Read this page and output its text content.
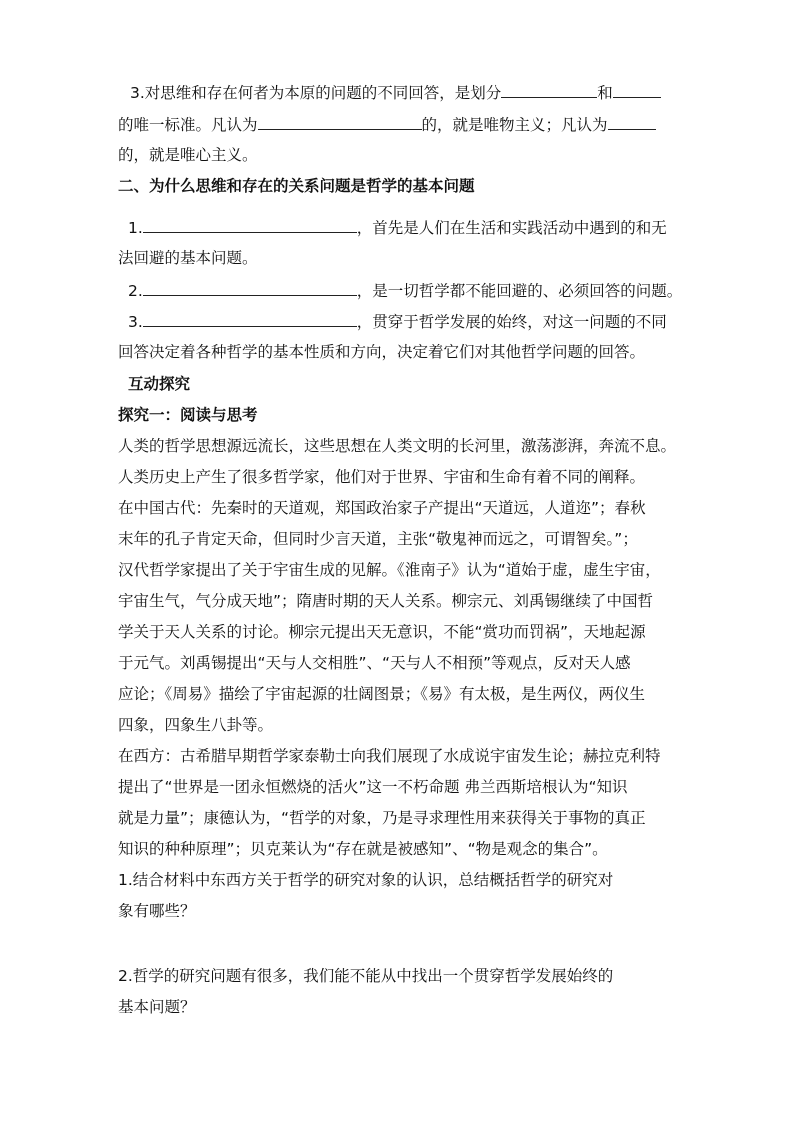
3.对思维和存在何者为本原的问题的不同回答，是划分	和
的唯一标准。凡认为	的，就是唯物主义；凡认为
的，就是唯心主义。
二、为什么思维和存在的关系问题是哲学的基本问题
1.	，首先是人们在生活和实践活动中遇到的和无
法回避的基本问题。
2.	，是一切哲学都不能回避的、必须回答的问题。
3.	，贯穿于哲学发展的始终，对这一问题的不同
回答决定着各种哲学的基本性质和方向，决定着它们对其他哲学问题的回答。
互动探究
探究一：阅读与思考
人类的哲学思想源远流长，这些思想在人类文明的长河里，激荡澎湃，奔流不息。
人类历史上产生了很多哲学家，他们对于世界、宇宙和生命有着不同的阐释。
在中国古代：先秦时的天道观，郑国政治家子产提出“天道远，人道迩”；春秋
末年的孔子肯定天命，但同时少言天道，主张“敬鬼神而远之，可谓智矣。”；
汉代哲学家提出了关于宇宙生成的见解。《淮南子》认为“道始于虚，虚生宇宙，
宇宙生气，气分成天地”；隋唐时期的天人关系。柳宗元、刘禹锡继续了中国哲
学关于天人关系的讨论。柳宗元提出天无意识，不能“赏功而罚祸”，天地起源
于元气。刘禹锡提出“天与人交相胜”、“天与人不相预”等观点，反对天人感
应论；《周易》描绘了宇宙起源的壮阔图景；《易》有太极，是生两仪，两仪生
四象，四象生八卦等。
在西方：古希腊早期哲学家泰勒士向我们展现了水成说宇宙发生论；赫拉克利特
提出了“世界是一团永恒燃烧的活火”这一不朽命题 弗兰西斯培根认为“知识
就是力量”；康德认为，“哲学的对象，乃是寻求理性用来获得关于事物的真正
知识的种种原理”；贝克莱认为“存在就是被感知”、“物是观念的集合”。
1.结合材料中东西方关于哲学的研究对象的认识，总结概括哲学的研究对
象有哪些？
2.哲学的研究问题有很多，我们能不能从中找出一个贯穿哲学发展始终的
基本问题？
